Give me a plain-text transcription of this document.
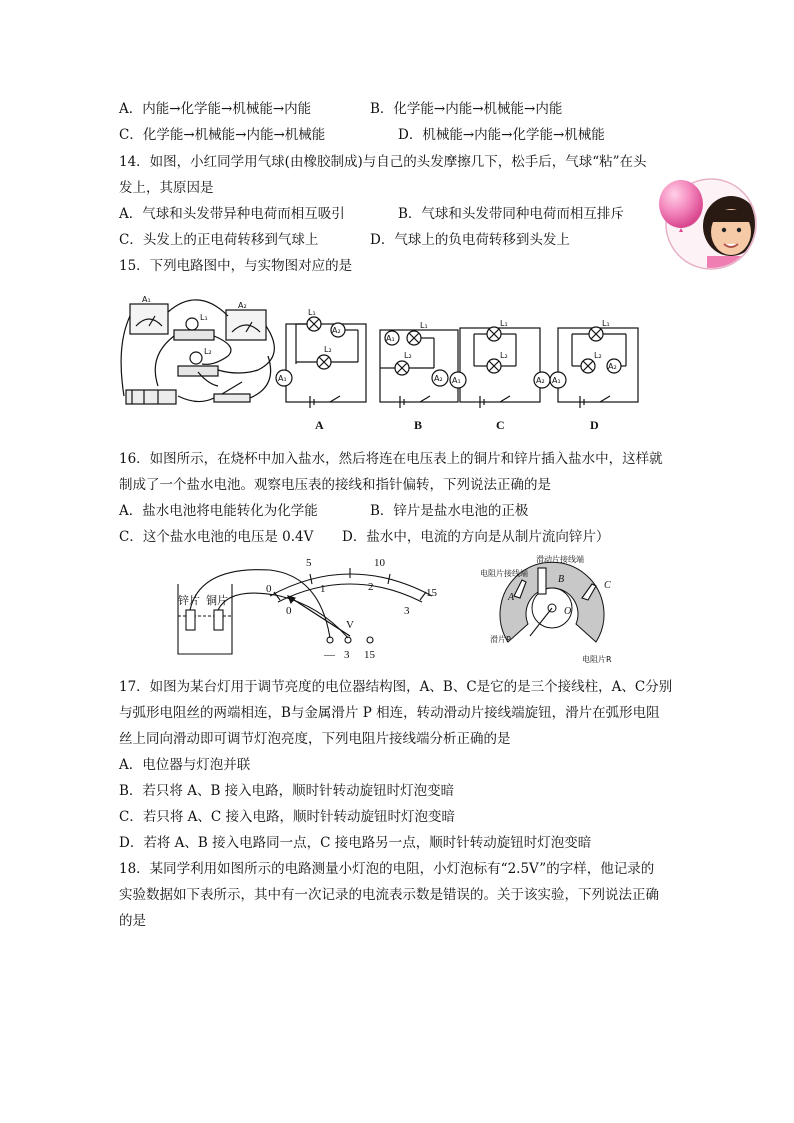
A．内能→化学能→机械能→内能	B．化学能→内能→机械能→内能
C．化学能→机械能→内能→机械能	D．机械能→内能→化学能→机械能
14．如图，小红同学用气球(由橡胶制成)与自己的头发摩擦几下，松手后，气球“粘”在头
发上，其原因是
A．气球和头发带异种电荷而相互吸引	B．气球和头发带同种电荷而相互排斥
C．头发上的正电荷转移到气球上	D．气球上的负电荷转移到头发上
15．下列电路图中，与实物图对应的是
A₁
A₂
L₁
L₂
A₁
L₁
A₂
L₂
A₁
L₁
L₂
A₂
L₁
L₂
A₁	A₂
L₁
L₂
A₂
A₁
A	B	C	D
16．如图所示，在烧杯中加入盐水，然后将连在电压表上的铜片和锌片插入盐水中，这样就
制成了一个盐水电池。观察电压表的接线和指针偏转，下列说法正确的是
A．盐水电池将电能转化为化学能	B．锌片是盐水电池的正极
C．这个盐水电池的电压是 0.4V D．盐水中，电流的方向是从制片流向锌片）
锌片 铜片
0
5	10
15
0
1	2
3
V
— 3 15
滑动片接线端
电阻片接线端
滑片P
电阻片R
A
B
C
O
17．如图为某台灯用于调节亮度的电位器结构图，A、B、C是它的是三个接线柱，A、C分别
与弧形电阻丝的两端相连，B与金属滑片 P 相连，转动滑动片接线端旋钮，滑片在弧形电阻
丝上同向滑动即可调节灯泡亮度，下列电阻片接线端分析正确的是
A．电位器与灯泡并联
B．若只将 A、B 接入电路，顺时针转动旋钮时灯泡变暗
C．若只将 A、C 接入电路，顺时针转动旋钮时灯泡变暗
D．若将 A、B 接入电路同一点，C 接电路另一点，顺时针转动旋钮时灯泡变暗
18．某同学利用如图所示的电路测量小灯泡的电阻，小灯泡标有“2.5V”的字样，他记录的
实验数据如下表所示，其中有一次记录的电流表示数是错误的。关于该实验，下列说法正确
的是
